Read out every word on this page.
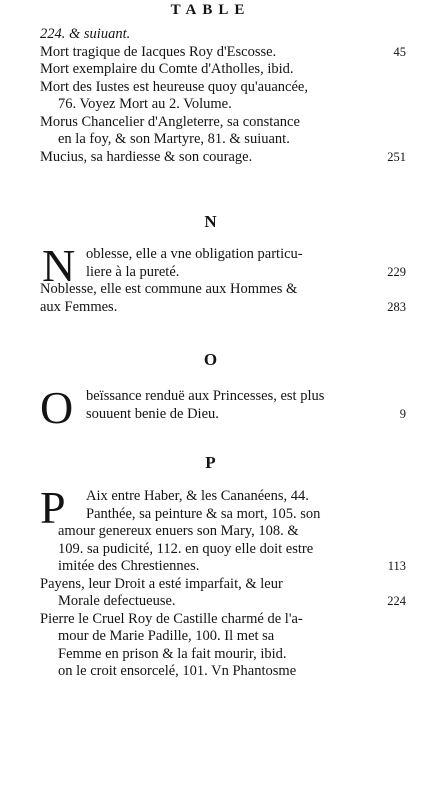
TABLE
224. & suiuant.
Mort tragique de Iacques Roy d'Escosse.	45
Mort exemplaire du Comte d'Atholles, ibid.
Mort des Iustes est heureuse quoy qu'auancée,
76. Voyez Mort au 2. Volume.
Morus Chancelier d'Angleterre, sa constance
en la foy, & son Martyre, 81. & suiuant.
Mucius, sa hardiesse & son courage.	251
N
N oblesse, elle a vne obligation particu-
liere à la pureté.	229
Noblesse, elle est commune aux Hommes &
aux Femmes.	283
O
O beïssance renduë aux Princesses, est plus
souuent benie de Dieu.	9
P
P	Aix entre Haber, & les Cananéens, 44.
Panthée, sa peinture & sa mort, 105. son
amour genereux enuers son Mary, 108. &
109. sa pudicité, 112. en quoy elle doit estre
imitée des Chrestiennes.	113
Payens, leur Droit a esté imparfait, & leur
Morale defectueuse.	224
Pierre le Cruel Roy de Castille charmé de l'a-
mour de Marie Padille, 100. Il met sa
Femme en prison & la fait mourir, ibid.
on le croit ensorcelé, 101. Vn Phantosme
